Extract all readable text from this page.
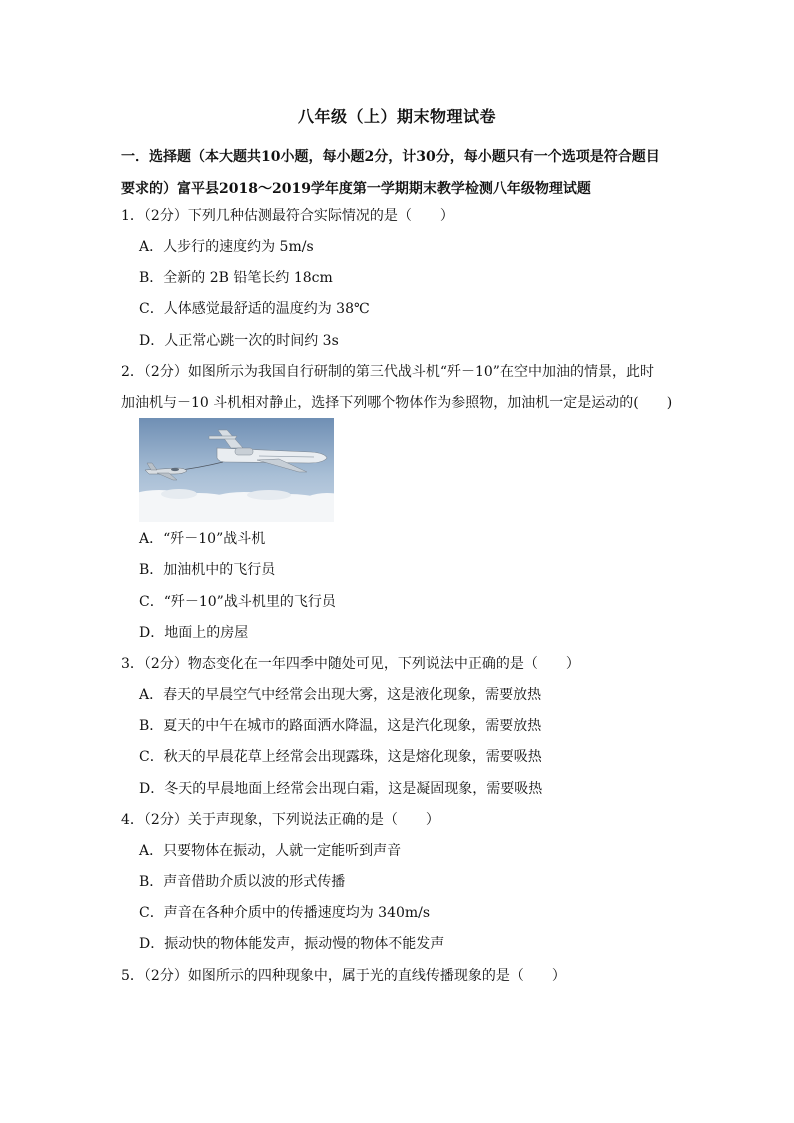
八年级（上）期末物理试卷
一．选择题（本大题共10小题，每小题2分，计30分，每小题只有一个选项是符合题目
要求的）富平县2018～2019学年度第一学期期末教学检测八年级物理试题
1．（2分）下列几种估测最符合实际情况的是（　　）
A．人步行的速度约为 5m/s
B．全新的 2B 铅笔长约 18cm
C．人体感觉最舒适的温度约为 38℃
D．人正常心跳一次的时间约 3s
2．（2分）如图所示为我国自行研制的第三代战斗机“歼－10”在空中加油的情景，此时
加油机与－10 斗机相对静止，选择下列哪个物体作为参照物，加油机一定是运动的(　　)
A．“歼－10”战斗机
B．加油机中的飞行员
C．“歼－10”战斗机里的飞行员
D．地面上的房屋
3．（2分）物态变化在一年四季中随处可见，下列说法中正确的是（　　）
A．春天的早晨空气中经常会出现大雾，这是液化现象，需要放热
B．夏天的中午在城市的路面洒水降温，这是汽化现象，需要放热
C．秋天的早晨花草上经常会出现露珠，这是熔化现象，需要吸热
D．冬天的早晨地面上经常会出现白霜，这是凝固现象，需要吸热
4．（2分）关于声现象，下列说法正确的是（　　）
A．只要物体在振动，人就一定能听到声音
B．声音借助介质以波的形式传播
C．声音在各种介质中的传播速度均为 340m/s
D．振动快的物体能发声，振动慢的物体不能发声
5．（2分）如图所示的四种现象中，属于光的直线传播现象的是（　　）
